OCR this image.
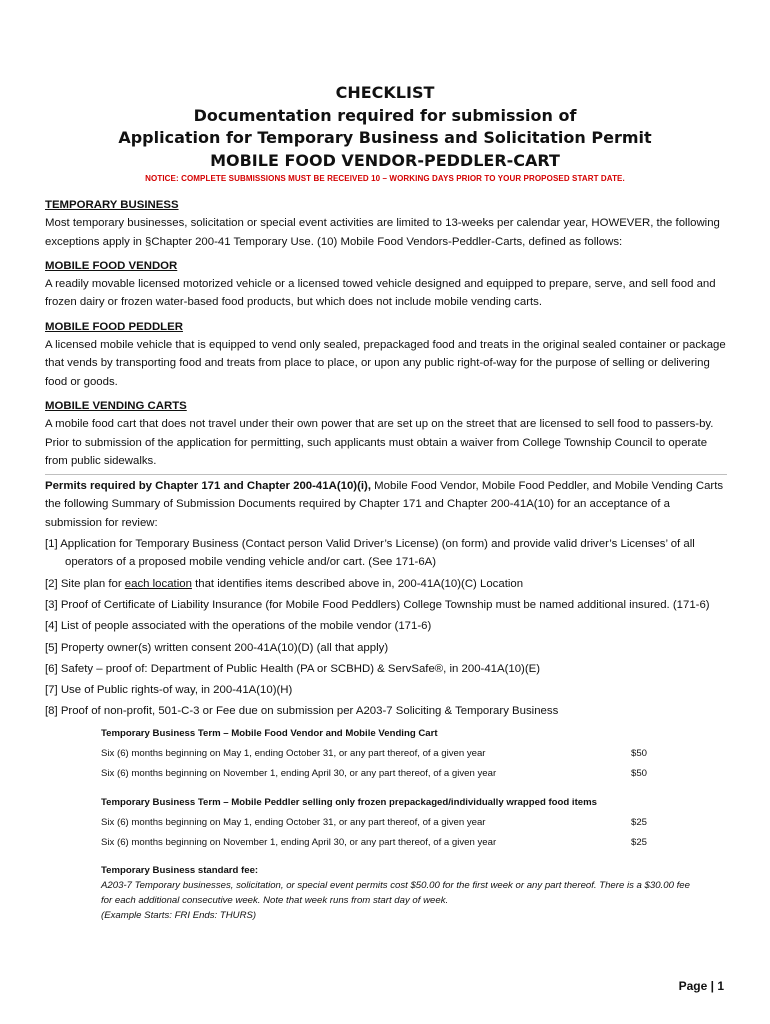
CHECKLIST
Documentation required for submission of
Application for Temporary Business and Solicitation Permit
MOBILE FOOD VENDOR-PEDDLER-CART
NOTICE: COMPLETE SUBMISSIONS MUST BE RECEIVED 10 – WORKING DAYS PRIOR TO YOUR PROPOSED START DATE.
TEMPORARY BUSINESS

Most temporary businesses, solicitation or special event activities are limited to 13-weeks per calendar year, HOWEVER, the following exceptions apply in §Chapter 200-41 Temporary Use. (10) Mobile Food Vendors-Peddler-Carts, defined as follows:

MOBILE FOOD VENDOR

A readily movable licensed motorized vehicle or a licensed towed vehicle designed and equipped to prepare, serve, and sell food and frozen dairy or frozen water-based food products, but which does not include mobile vending carts.

MOBILE FOOD PEDDLER

A licensed mobile vehicle that is equipped to vend only sealed, prepackaged food and treats in the original sealed container or package that vends by transporting food and treats from place to place, or upon any public right-of-way for the purpose of selling or delivering food or goods.

MOBILE VENDING CARTS

A mobile food cart that does not travel under their own power that are set up on the street that are licensed to sell food to passers-by. Prior to submission of the application for permitting, such applicants must obtain a waiver from College Township Council to operate from public sidewalks.

Permits required by Chapter 171 and Chapter 200-41A(10)(i), Mobile Food Vendor, Mobile Food Peddler, and Mobile Vending Carts the following Summary of Submission Documents required by Chapter 171 and Chapter 200-41A(10) for an acceptance of a submission for review:

[1] Application for Temporary Business (Contact person Valid Driver’s License) (on form) and provide valid driver’s Licenses’ of all operators of a proposed mobile vending vehicle and/or cart. (See 171-6A)
[2] Site plan for each location that identifies items described above in, 200-41A(10)(C) Location
[3] Proof of Certificate of Liability Insurance (for Mobile Food Peddlers) College Township must be named additional insured. (171-6)
[4] List of people associated with the operations of the mobile vendor (171-6)
[5] Property owner(s) written consent 200-41A(10)(D) (all that apply)
[6] Safety – proof of: Department of Public Health (PA or SCBHD) & ServSafe®, in 200-41A(10)(E)
[7] Use of Public rights-of way, in 200-41A(10)(H)
[8] Proof of non-profit, 501-C-3 or Fee due on submission per A203-7 Soliciting & Temporary Business
Temporary Business Term – Mobile Food Vendor and Mobile Vending Cart
Six (6) months beginning on May 1, ending October 31, or any part thereof, of a given year	$50
Six (6) months beginning on November 1, ending April 30, or any part thereof, of a given year	$50
Temporary Business Term – Mobile Peddler selling only frozen prepackaged/individually wrapped food items
Six (6) months beginning on May 1, ending October 31, or any part thereof, of a given year	$25
Six (6) months beginning on November 1, ending April 30, or any part thereof, of a given year	$25
Temporary Business standard fee:
A203-7 Temporary businesses, solicitation, or special event permits cost $50.00 for the first week or any part thereof. There is a $30.00 fee for each additional consecutive week. Note that week runs from start day of week.
(Example Starts: FRI Ends: THURS)
Page | 1
